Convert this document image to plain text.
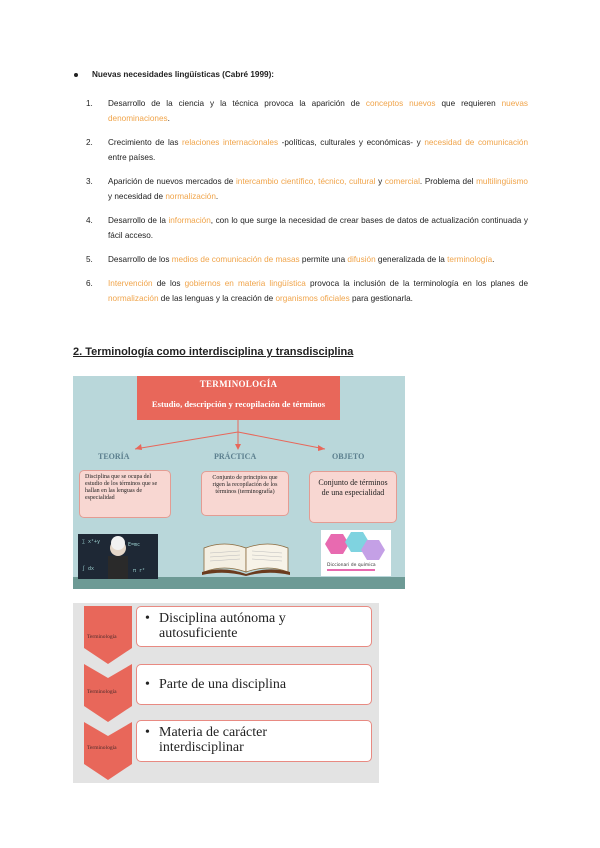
Nuevas necesidades lingüísticas (Cabré 1999):
1. Desarrollo de la ciencia y la técnica provoca la aparición de conceptos nuevos que requieren nuevas denominaciones.
2. Crecimiento de las relaciones internacionales -políticas, culturales y económicas- y necesidad de comunicación entre países.
3. Aparición de nuevos mercados de intercambio científico, técnico, cultural y comercial. Problema del multilingüismo y necesidad de normalización.
4. Desarrollo de la información, con lo que surge la necesidad de crear bases de datos de actualización continuada y fácil acceso.
5. Desarrollo de los medios de comunicación de masas permite una difusión generalizada de la terminología.
6. Intervención de los gobiernos en materia lingüística provoca la inclusión de la terminología en los planes de normalización de las lenguas y la creación de organismos oficiales para gestionarla.
2. Terminología como interdisciplina y transdisciplina
TERMINOLOGÍA
Estudio, descripción y recopilación de términos
TEORÍA	PRÁCTICA	OBJETO
Disciplina que se ocupa del estudio de los términos que se hallan en las lenguas de especialidad
Conjunto de principios que rigen la recopilación de los términos (terminografía)
Conjunto de términos de una especialidad
∑ x²+y	E=mc
∫ dx	π r²
Diccionari de química
Terminología
Terminología
Terminología
• Disciplina autónoma y
autosuficiente
• Parte de una disciplina
• Materia de carácter
interdisciplinar
